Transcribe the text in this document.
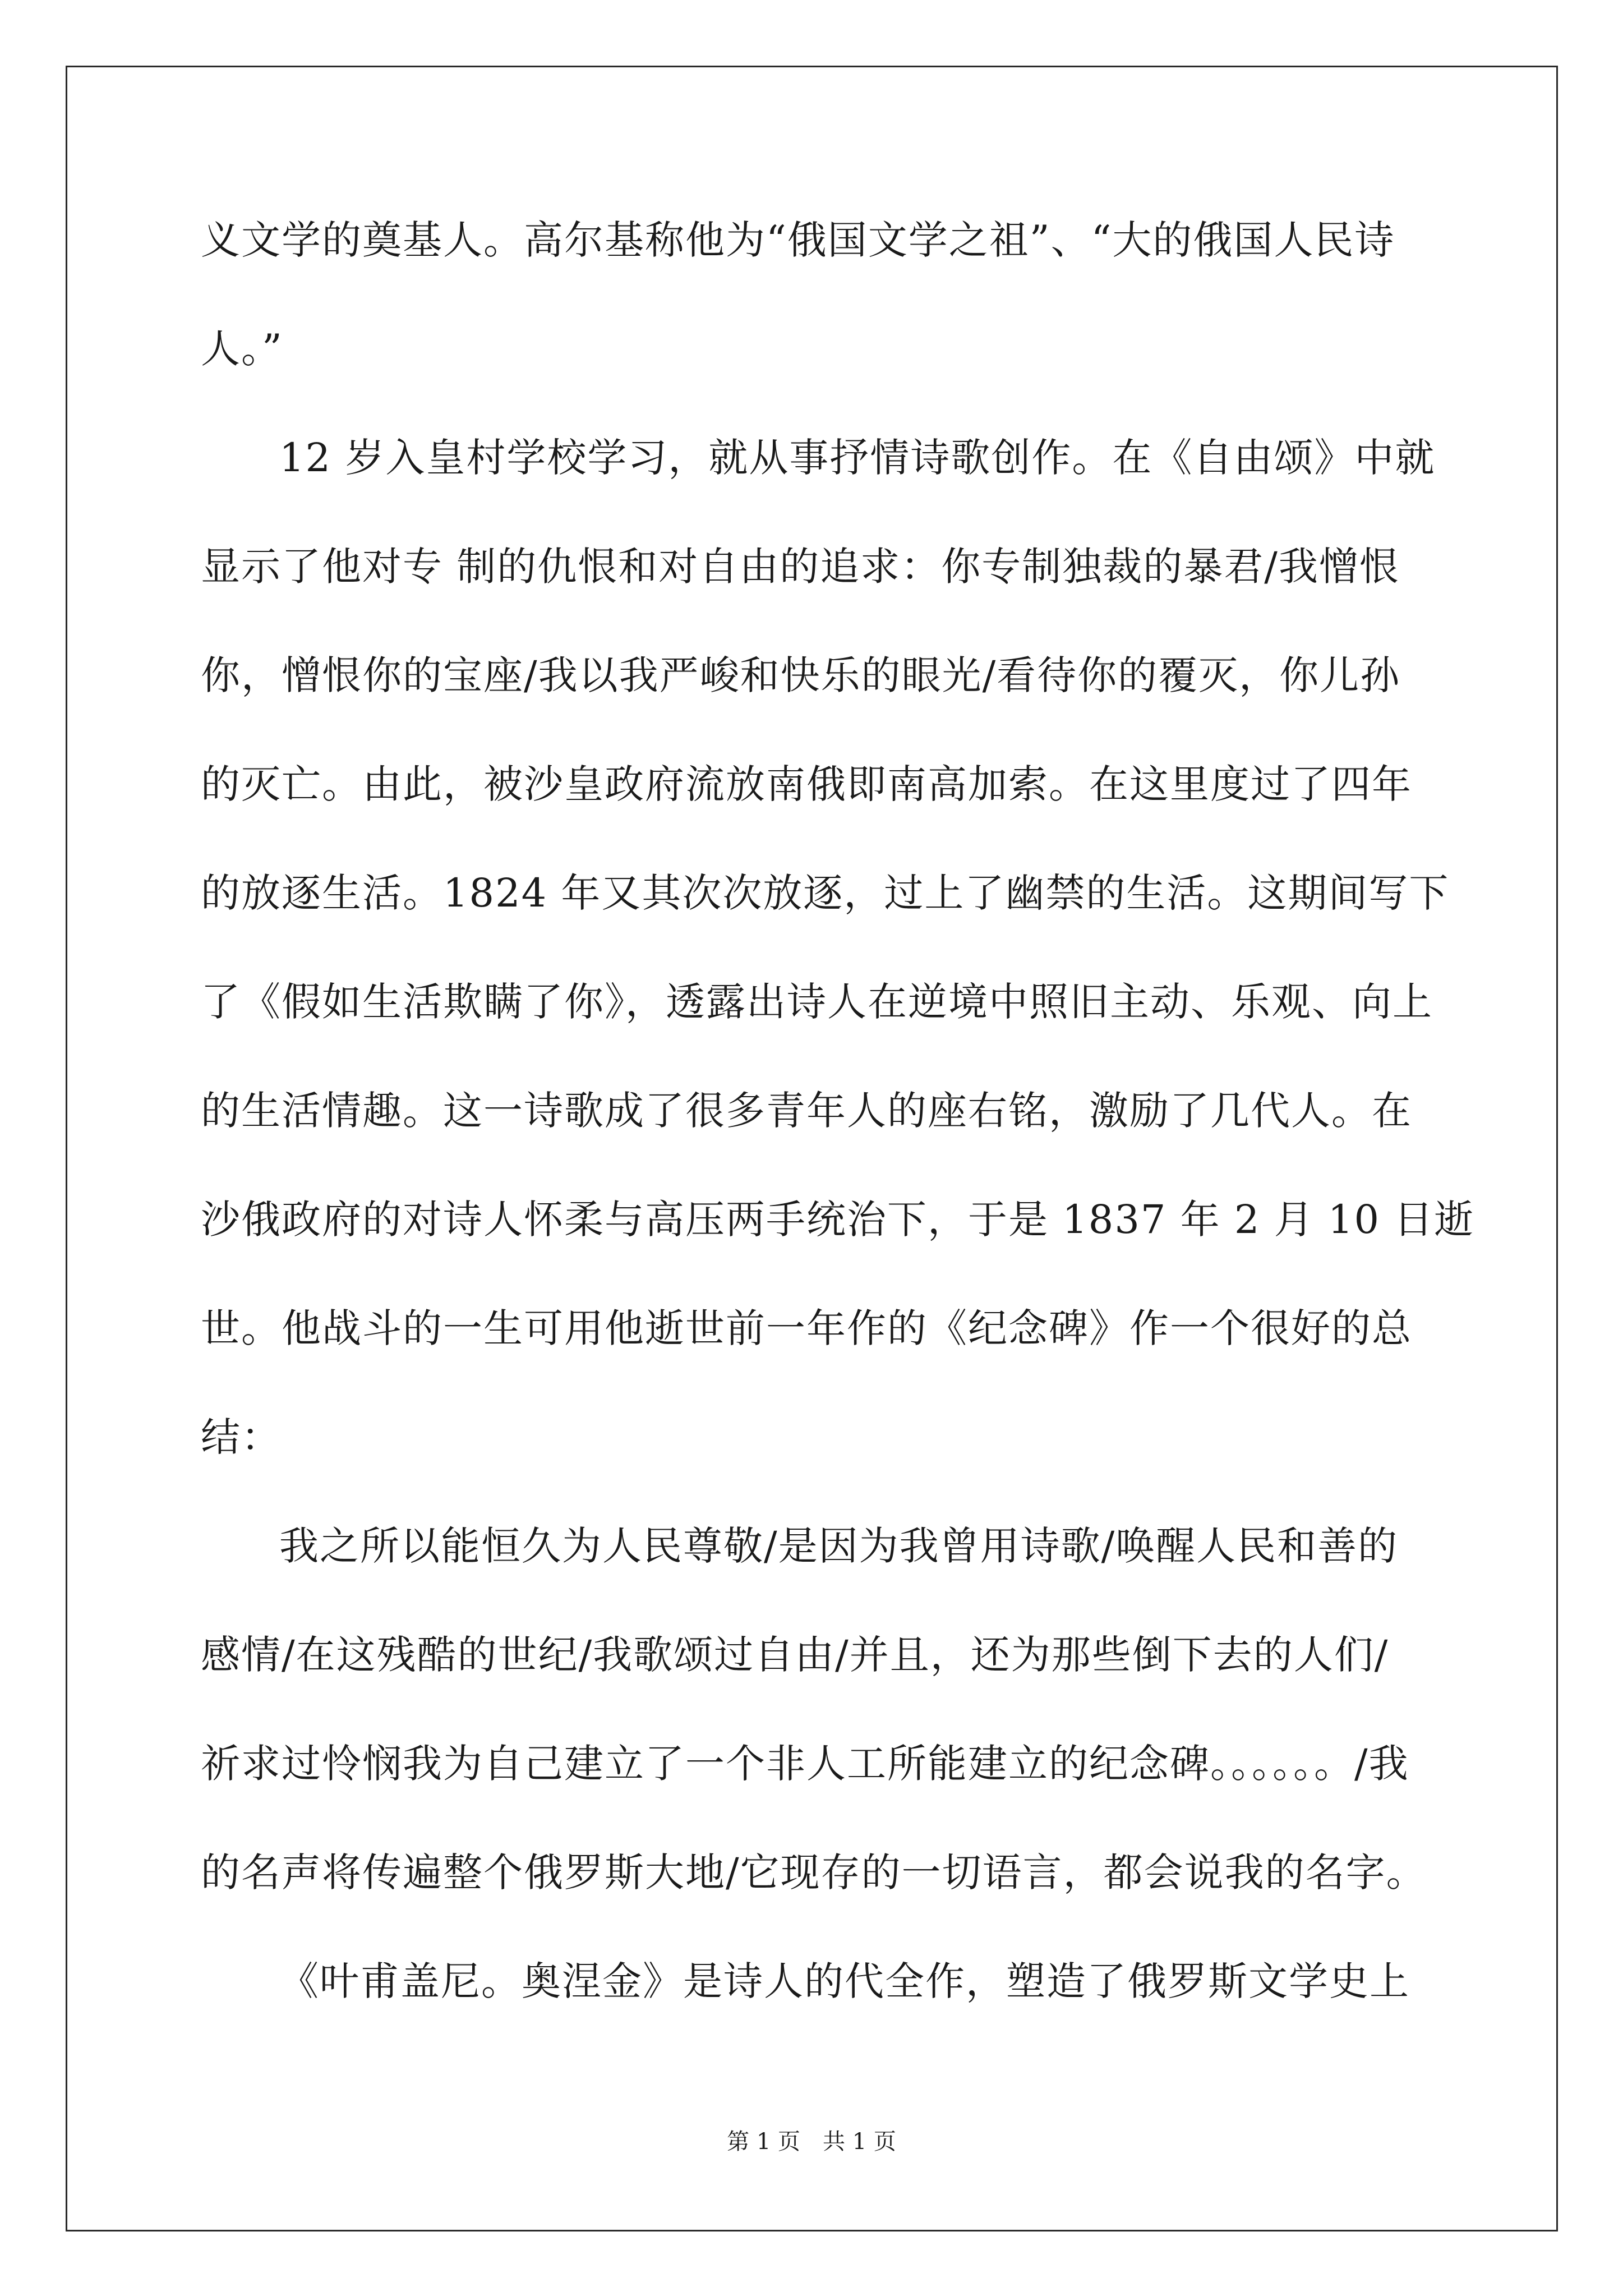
义文学的奠基人。高尔基称他为“俄国文学之祖”、“大的俄国人民诗
人。”
12 岁入皇村学校学习，就从事抒情诗歌创作。在《自由颂》中就
显示了他对专 制的仇恨和对自由的追求：你专制独裁的暴君/我憎恨
你，憎恨你的宝座/我以我严峻和快乐的眼光/看待你的覆灭，你儿孙
的灭亡。由此，被沙皇政府流放南俄即南高加索。在这里度过了四年
的放逐生活。1824 年又其次次放逐，过上了幽禁的生活。这期间写下
了《假如生活欺瞒了你》，透露出诗人在逆境中照旧主动、乐观、向上
的生活情趣。这一诗歌成了很多青年人的座右铭，激励了几代人。在
沙俄政府的对诗人怀柔与高压两手统治下，于是 1837 年 2 月 10 日逝
世。他战斗的一生可用他逝世前一年作的《纪念碑》作一个很好的总
结：
我之所以能恒久为人民尊敬/是因为我曾用诗歌/唤醒人民和善的
感情/在这残酷的世纪/我歌颂过自由/并且，还为那些倒下去的人们/
祈求过怜悯我为自己建立了一个非人工所能建立的纪念碑。。。。。。/我
的名声将传遍整个俄罗斯大地/它现存的一切语言，都会说我的名字。
《叶甫盖尼。奥涅金》是诗人的代全作，塑造了俄罗斯文学史上
第 1 页　共 1 页
